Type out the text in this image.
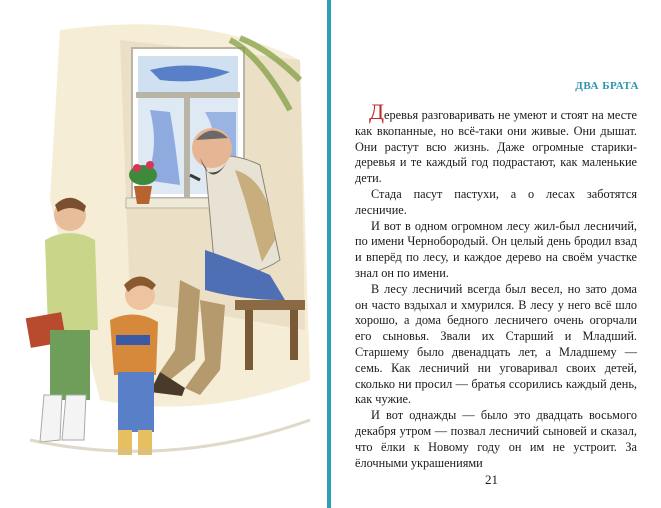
ДВА БРАТА

Деревья разговаривать не умеют и стоят на месте как вкопанные, но всё-таки они живые. Они дышат. Они растут всю жизнь. Даже огромные старики-деревья и те каждый год подрастают, как маленькие дети.

Стада пасут пастухи, а о лесах заботятся лесничие.

И вот в одном огромном лесу жил-был лесничий, по имени Чернобородый. Он целый день бродил взад и вперёд по лесу, и каждое дерево на своём участке знал он по имени.

В лесу лесничий всегда был весел, но зато дома он часто вздыхал и хмурился. В лесу у него всё шло хорошо, а дома бедного лесничего очень огорчали его сыновья. Звали их Старший и Младший. Старшему было двенадцать лет, а Младшему — семь. Как лесничий ни уговаривал своих детей, сколько ни просил — братья ссорились каждый день, как чужие.

И вот однажды — было это двадцать восьмого декабря утром — позвал лесничий сыновей и сказал, что ёлки к Новому году он им не устроит. За ёлочными украшениями

21
